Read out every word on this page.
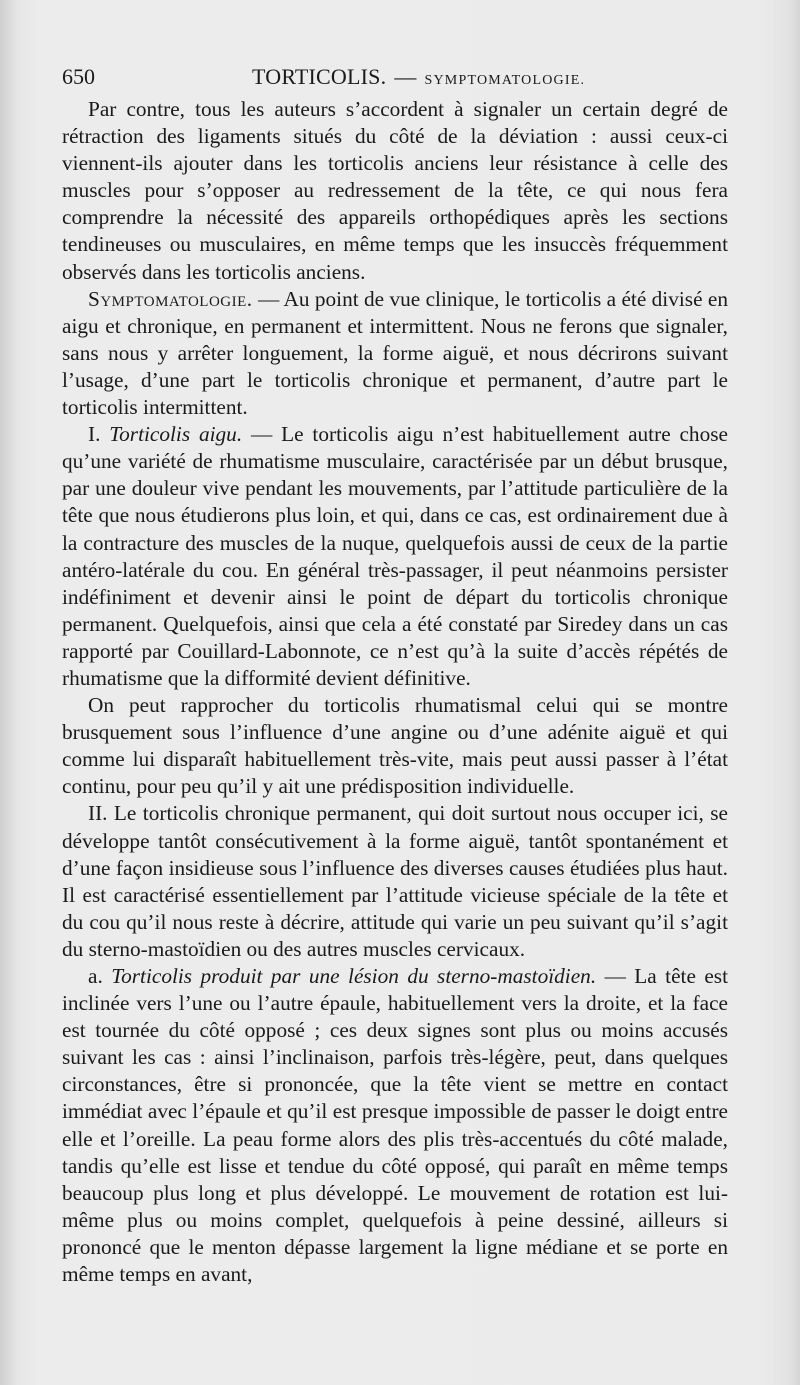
650	TORTICOLIS. — SYMPTOMATOLOGIE.

Par contre, tous les auteurs s’accordent à signaler un certain degré de rétraction des ligaments situés du côté de la déviation : aussi ceux-ci viennent-ils ajouter dans les torticolis anciens leur résistance à celle des muscles pour s’opposer au redressement de la tête, ce qui nous fera comprendre la nécessité des appareils orthopédiques après les sections tendineuses ou musculaires, en même temps que les insuccès fréquemment observés dans les torticolis anciens.

Symptomatologie. — Au point de vue clinique, le torticolis a été divisé en aigu et chronique, en permanent et intermittent. Nous ne ferons que signaler, sans nous y arrêter longuement, la forme aiguë, et nous décrirons suivant l’usage, d’une part le torticolis chronique et permanent, d’autre part le torticolis intermittent.

I. Torticolis aigu. — Le torticolis aigu n’est habituellement autre chose qu’une variété de rhumatisme musculaire, caractérisée par un début brusque, par une douleur vive pendant les mouvements, par l’attitude particulière de la tête que nous étudierons plus loin, et qui, dans ce cas, est ordinairement due à la contracture des muscles de la nuque, quelquefois aussi de ceux de la partie antéro-latérale du cou. En général très-passager, il peut néanmoins persister indéfiniment et devenir ainsi le point de départ du torticolis chronique permanent. Quelquefois, ainsi que cela a été constaté par Siredey dans un cas rapporté par Couillard-Labonnote, ce n’est qu’à la suite d’accès répétés de rhumatisme que la difformité devient définitive.

On peut rapprocher du torticolis rhumatismal celui qui se montre brusquement sous l’influence d’une angine ou d’une adénite aiguë et qui comme lui disparaît habituellement très-vite, mais peut aussi passer à l’état continu, pour peu qu’il y ait une prédisposition individuelle.

II. Le torticolis chronique permanent, qui doit surtout nous occuper ici, se développe tantôt consécutivement à la forme aiguë, tantôt spontanément et d’une façon insidieuse sous l’influence des diverses causes étudiées plus haut. Il est caractérisé essentiellement par l’attitude vicieuse spéciale de la tête et du cou qu’il nous reste à décrire, attitude qui varie un peu suivant qu’il s’agit du sterno-mastoïdien ou des autres muscles cervicaux.

a. Torticolis produit par une lésion du sterno-mastoïdien. — La tête est inclinée vers l’une ou l’autre épaule, habituellement vers la droite, et la face est tournée du côté opposé ; ces deux signes sont plus ou moins accusés suivant les cas : ainsi l’inclinaison, parfois très-légère, peut, dans quelques circonstances, être si prononcée, que la tête vient se mettre en contact immédiat avec l’épaule et qu’il est presque impossible de passer le doigt entre elle et l’oreille. La peau forme alors des plis très-accentués du côté malade, tandis qu’elle est lisse et tendue du côté opposé, qui paraît en même temps beaucoup plus long et plus développé. Le mouvement de rotation est lui-même plus ou moins complet, quelquefois à peine dessiné, ailleurs si prononcé que le menton dépasse largement la ligne médiane et se porte en même temps en avant,
